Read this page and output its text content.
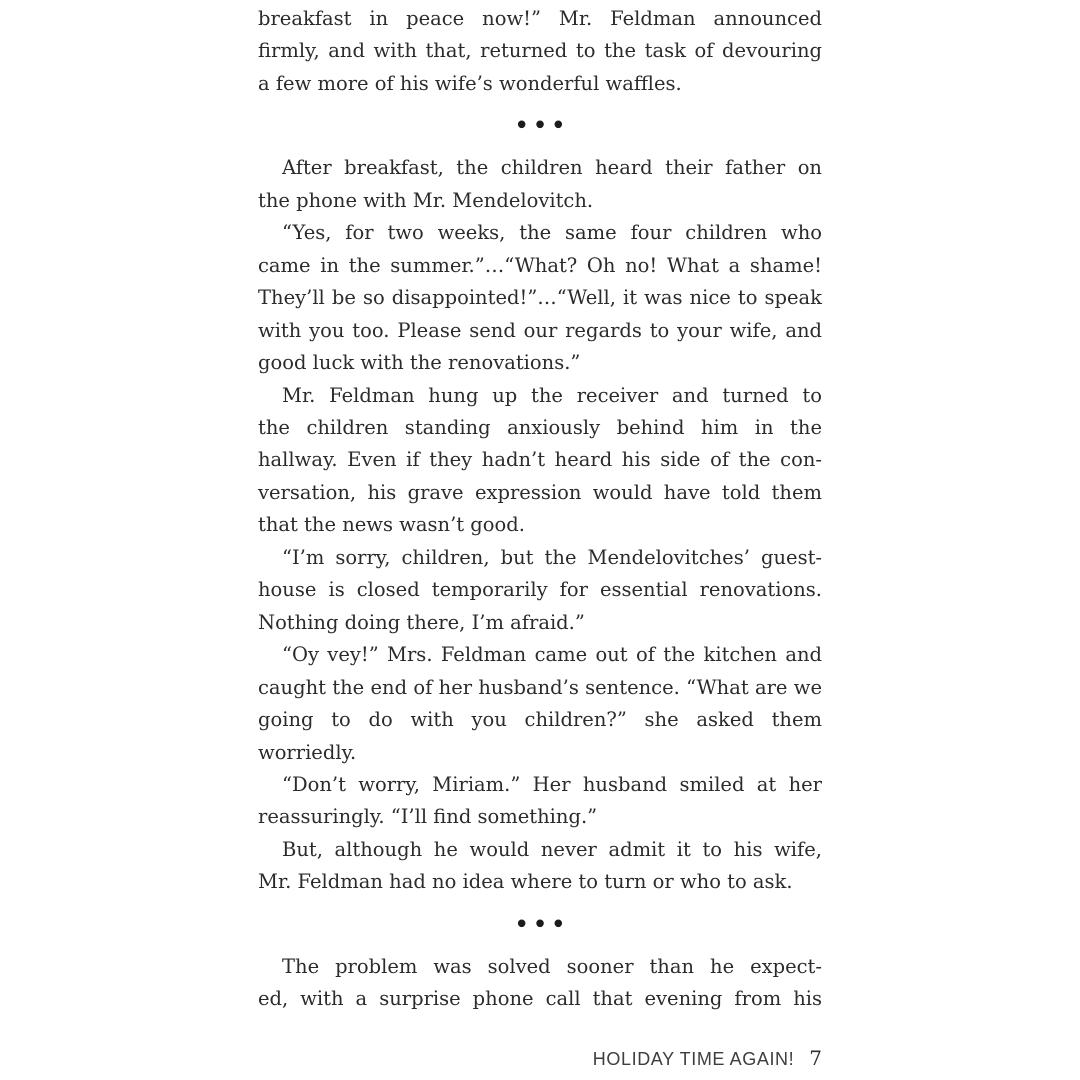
breakfast in peace now!” Mr. Feldman announced
firmly, and with that, returned to the task of devouring
a few more of his wife’s wonderful waffles.
•••
After breakfast, the children heard their father on
the phone with Mr. Mendelovitch.
“Yes, for two weeks, the same four children who
came in the summer.”…“What? Oh no! What a shame!
They’ll be so disappointed!”…“Well, it was nice to speak
with you too. Please send our regards to your wife, and
good luck with the renovations.”
Mr. Feldman hung up the receiver and turned to
the children standing anxiously behind him in the
hallway. Even if they hadn’t heard his side of the con-
versation, his grave expression would have told them
that the news wasn’t good.
“I’m sorry, children, but the Mendelovitches’ guest-
house is closed temporarily for essential renovations.
Nothing doing there, I’m afraid.”
“Oy vey!” Mrs. Feldman came out of the kitchen and
caught the end of her husband’s sentence. “What are we
going to do with you children?” she asked them worriedly.
“Don’t worry, Miriam.” Her husband smiled at her
reassuringly. “I’ll find something.”
But, although he would never admit it to his wife,
Mr. Feldman had no idea where to turn or who to ask.
•••
The problem was solved sooner than he expect-
ed, with a surprise phone call that evening from his
HOLIDAY TIME AGAIN! 7
